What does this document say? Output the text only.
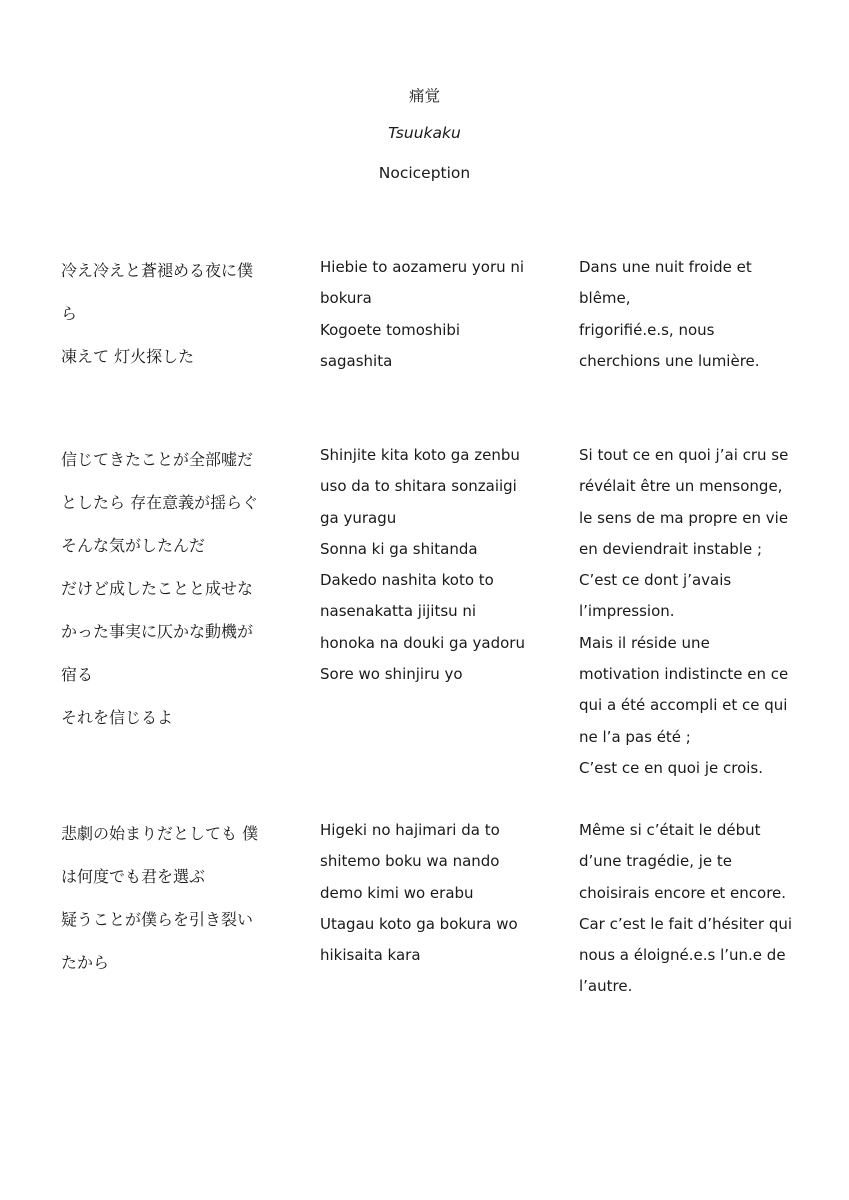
痛覚
Tsuukaku
Nociception
冷え冷えと蒼褪める夜に僕
ら
凍えて 灯火探した
Hiebie to aozameru yoru ni
bokura
Kogoete tomoshibi
sagashita
Dans une nuit froide et
blême,
frigorifié.e.s, nous
cherchions une lumière.
信じてきたことが全部嘘だ
としたら 存在意義が揺らぐ
そんな気がしたんだ
だけど成したことと成せな
かった事実に仄かな動機が
宿る
それを信じるよ
Shinjite kita koto ga zenbu
uso da to shitara sonzaiigi
ga yuragu
Sonna ki ga shitanda
Dakedo nashita koto to
nasenakatta jijitsu ni
honoka na douki ga yadoru
Sore wo shinjiru yo
Si tout ce en quoi j’ai cru se
révélait être un mensonge,
le sens de ma propre en vie
en deviendrait instable ;
C’est ce dont j’avais
l’impression.
Mais il réside une
motivation indistincte en ce
qui a été accompli et ce qui
ne l’a pas été ;
C’est ce en quoi je crois.
悲劇の始まりだとしても 僕
は何度でも君を選ぶ
疑うことが僕らを引き裂い
たから
Higeki no hajimari da to
shitemo boku wa nando
demo kimi wo erabu
Utagau koto ga bokura wo
hikisaita kara
Même si c’était le début
d’une tragédie, je te
choisirais encore et encore.
Car c’est le fait d’hésiter qui
nous a éloigné.e.s l’un.e de
l’autre.
